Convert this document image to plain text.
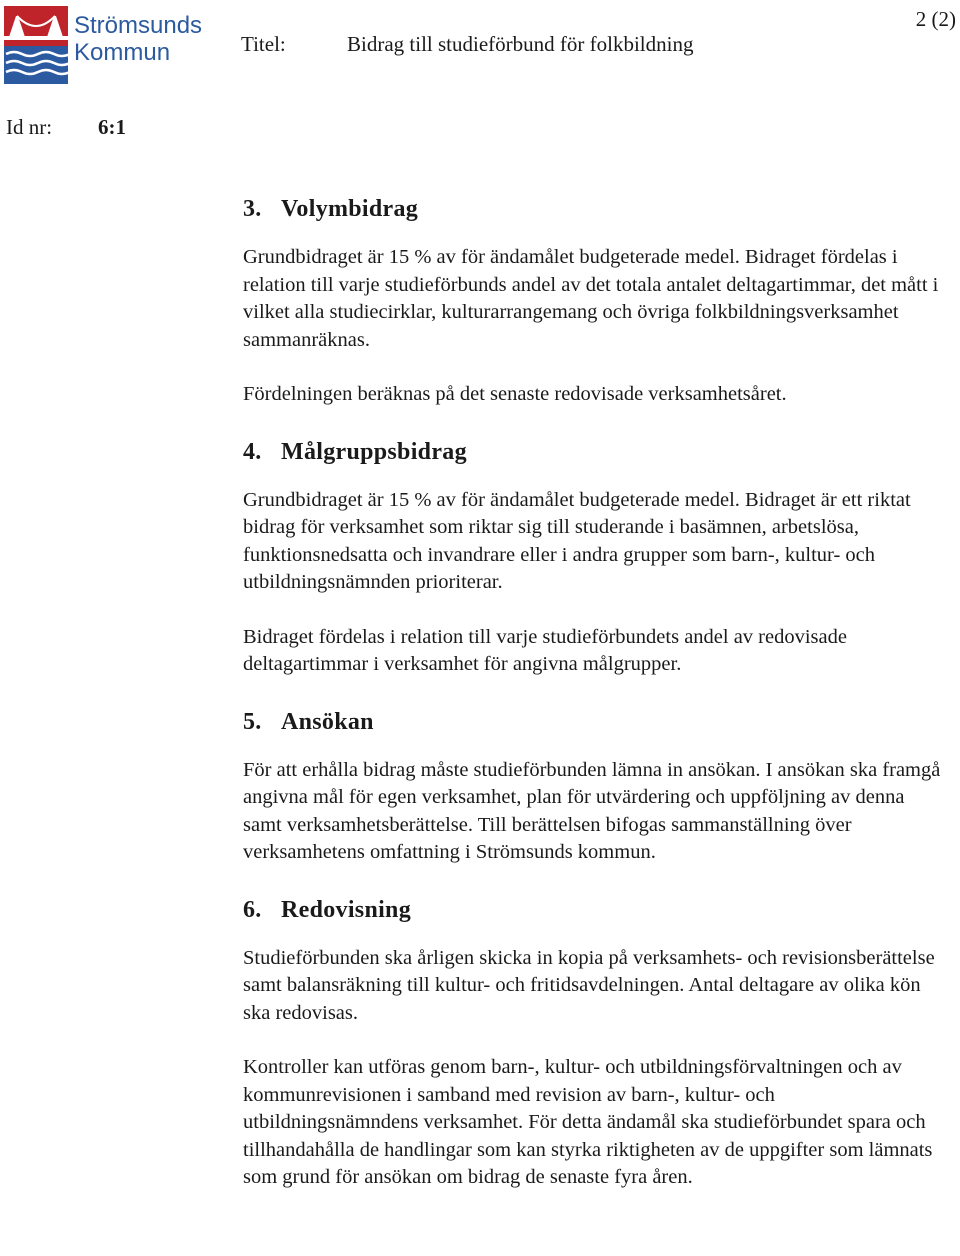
Strömsunds
Kommun	Titel:	Bidrag till studieförbund för folkbildning
2 (2)
Id nr: 6:1
3. Volymbidrag

Grundbidraget är 15 % av för ändamålet budgeterade medel. Bidraget fördelas i relation till varje studieförbunds andel av det totala antalet deltagartimmar, det mått i vilket alla studiecirklar, kulturarrangemang och övriga folkbildningsverksamhet sammanräknas.

Fördelningen beräknas på det senaste redovisade verksamhetsåret.

4. Målgruppsbidrag

Grundbidraget är 15 % av för ändamålet budgeterade medel. Bidraget är ett riktat bidrag för verksamhet som riktar sig till studerande i basämnen, arbetslösa, funktionsnedsatta och invandrare eller i andra grupper som barn-, kultur- och utbildningsnämnden prioriterar.

Bidraget fördelas i relation till varje studieförbundets andel av redovisade deltagartimmar i verksamhet för angivna målgrupper.

5. Ansökan

För att erhålla bidrag måste studieförbunden lämna in ansökan. I ansökan ska framgå angivna mål för egen verksamhet, plan för utvärdering och uppföljning av denna samt verksamhetsberättelse. Till berättelsen bifogas sammanställning över verksamhetens omfattning i Strömsunds kommun.

6. Redovisning

Studieförbunden ska årligen skicka in kopia på verksamhets- och revisionsberättelse samt balansräkning till kultur- och fritidsavdelningen. Antal deltagare av olika kön ska redovisas.

Kontroller kan utföras genom barn-, kultur- och utbildningsförvaltningen och av kommunrevisionen i samband med revision av barn-, kultur- och utbildningsnämndens verksamhet. För detta ändamål ska studieförbundet spara och tillhandahålla de handlingar som kan styrka riktigheten av de uppgifter som lämnats som grund för ansökan om bidrag de senaste fyra åren.
